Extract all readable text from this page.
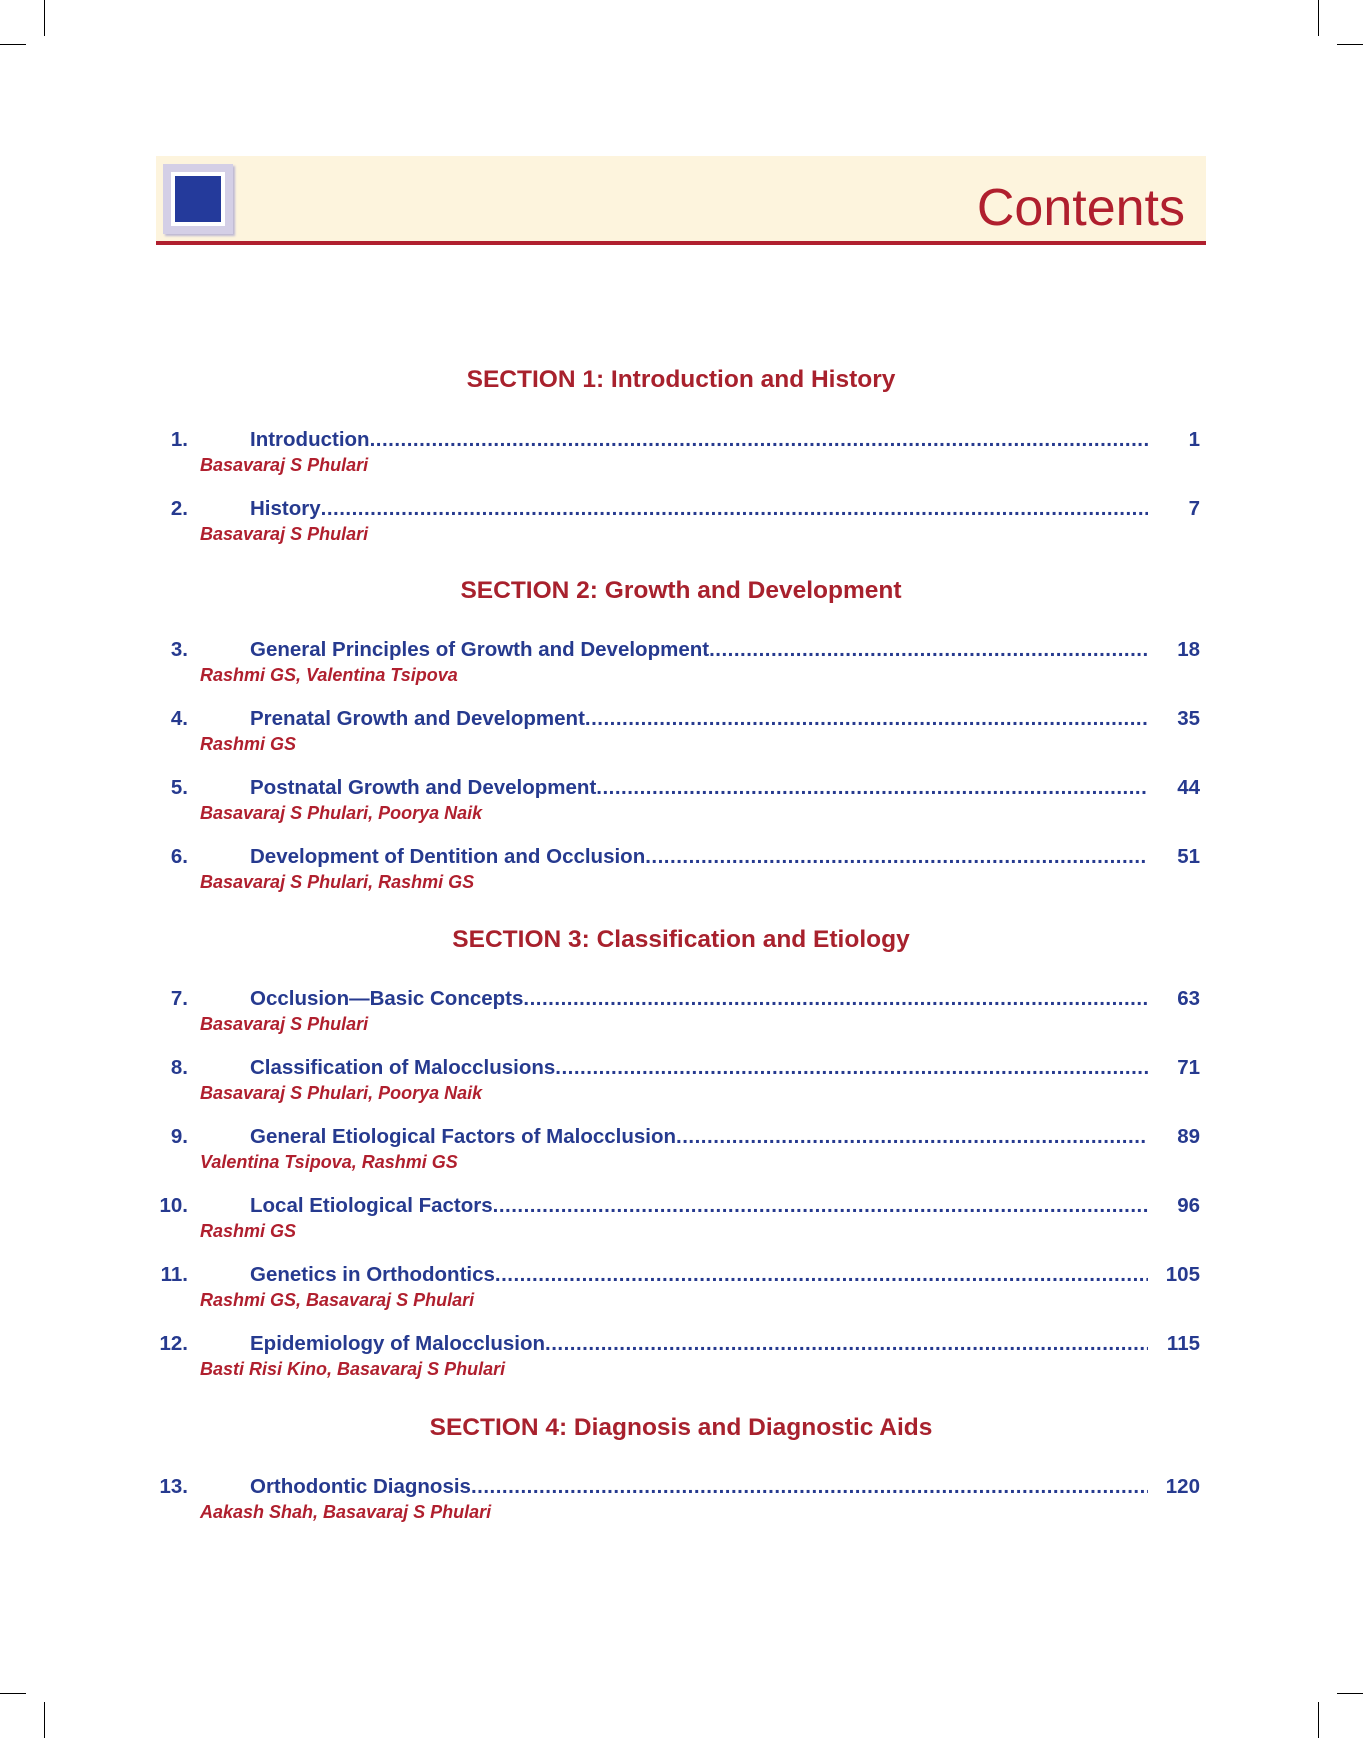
Contents
SECTION 1: Introduction and History
1.	Introduction . . .	1
Basavaraj S Phulari
2.	History . . .	7
Basavaraj S Phulari
SECTION 2: Growth and Development
3.	General Principles of Growth and Development . . .	18
Rashmi GS, Valentina Tsipova
4.	Prenatal Growth and Development . . .	35
Rashmi GS
5.	Postnatal Growth and Development . . .	44
Basavaraj S Phulari, Poorya Naik
6.	Development of Dentition and Occlusion . . .	51
Basavaraj S Phulari, Rashmi GS
SECTION 3: Classification and Etiology
7.	Occlusion—Basic Concepts . . .	63
Basavaraj S Phulari
8.	Classification of Malocclusions . . .	71
Basavaraj S Phulari, Poorya Naik
9.	General Etiological Factors of Malocclusion . . .	89
Valentina Tsipova, Rashmi GS
10.	Local Etiological Factors . . .	96
Rashmi GS
11.	Genetics in Orthodontics . . .	105
Rashmi GS, Basavaraj S Phulari
12.	Epidemiology of Malocclusion . . .	115
Basti Risi Kino, Basavaraj S Phulari
SECTION 4: Diagnosis and Diagnostic Aids
13.	Orthodontic Diagnosis . . .	120
Aakash Shah, Basavaraj S Phulari
